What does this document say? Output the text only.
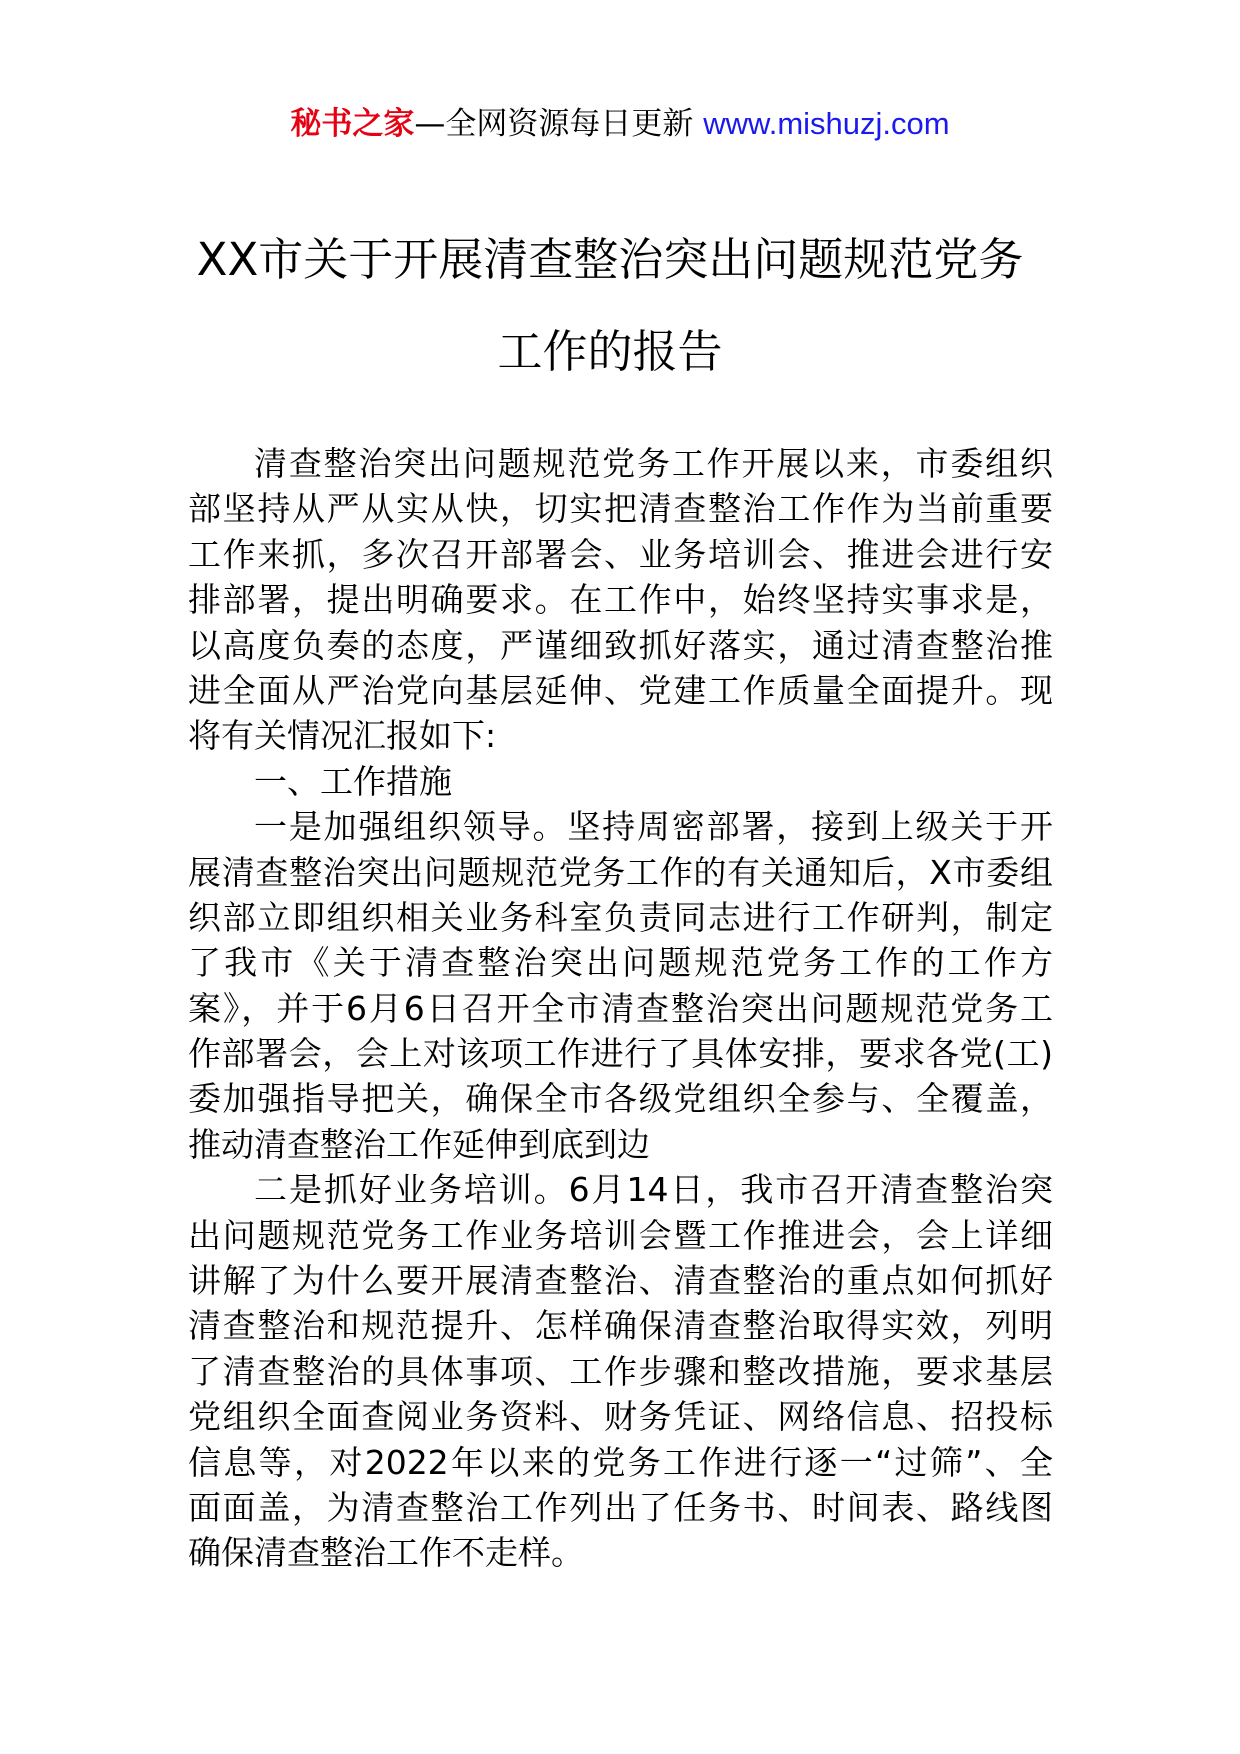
秘书之家—全网资源每日更新 www.mishuzj.com
XX市关于开展清查整治突出问题规范党务
工作的报告
清查整治突出问题规范党务工作开展以来，市委组织
部坚持从严从实从快，切实把清查整治工作作为当前重要
工作来抓，多次召开部署会、业务培训会、推进会进行安
排部署，提出明确要求。在工作中，始终坚持实事求是，
以高度负奏的态度，严谨细致抓好落实，通过清查整治推
进全面从严治党向基层延伸、党建工作质量全面提升。现
将有关情况汇报如下:
一、工作措施
一是加强组织领导。坚持周密部署，接到上级关于开
展清查整治突出问题规范党务工作的有关通知后，X市委组
织部立即组织相关业务科室负责同志进行工作研判，制定
了我市《关于清查整治突出问题规范党务工作的工作方
案》，并于6月6日召开全市清查整治突出问题规范党务工
作部署会，会上对该项工作进行了具体安排，要求各党(工)
委加强指导把关，确保全市各级党组织全参与、全覆盖，
推动清查整治工作延伸到底到边
二是抓好业务培训。6月14日，我市召开清查整治突
出问题规范党务工作业务培训会暨工作推进会，会上详细
讲解了为什么要开展清查整治、清查整治的重点如何抓好
清查整治和规范提升、怎样确保清查整治取得实效，列明
了清查整治的具体事项、工作步骤和整改措施，要求基层
党组织全面查阅业务资料、财务凭证、网络信息、招投标
信息等，对2022年以来的党务工作进行逐一“过筛”、全
面面盖，为清查整治工作列出了任务书、时间表、路线图
确保清查整治工作不走样。
